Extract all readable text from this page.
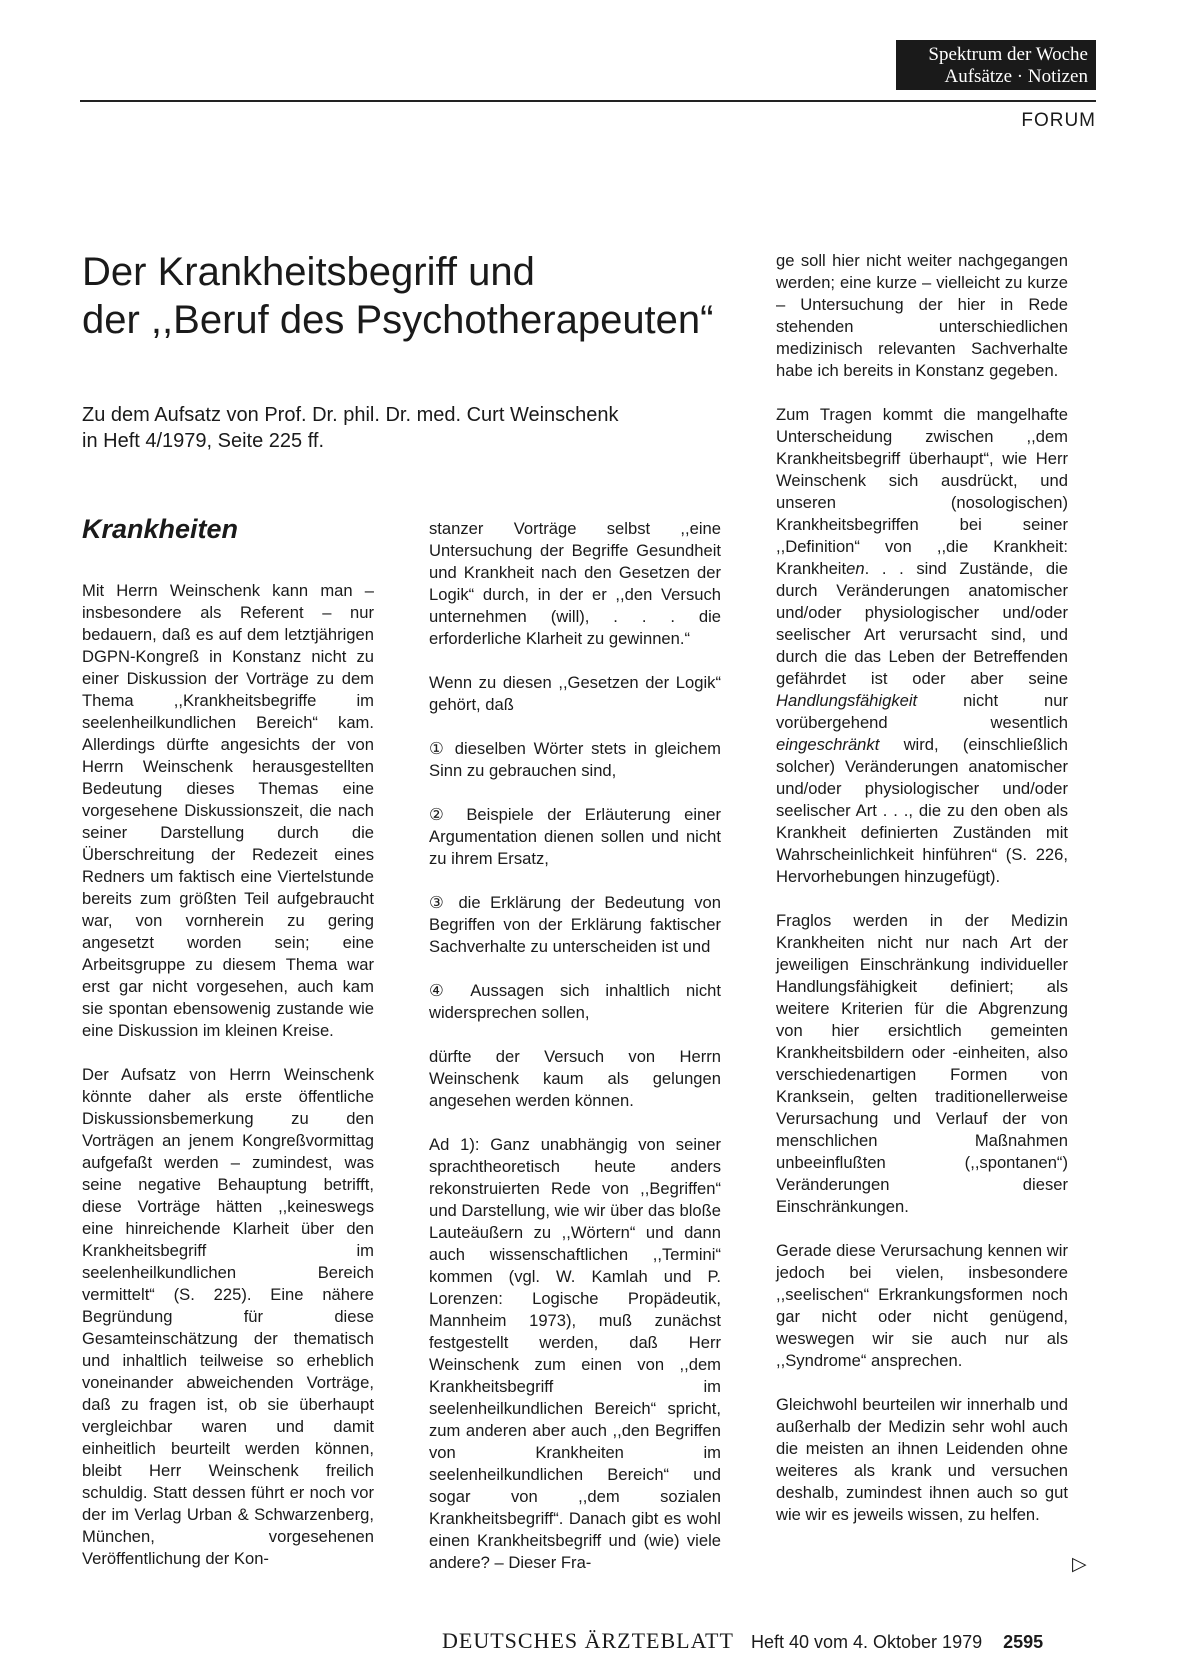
Spektrum der Woche
Aufsätze · Notizen
FORUM
Der Krankheitsbegriff und
der ,,Beruf des Psychotherapeuten“
Zu dem Aufsatz von Prof. Dr. phil. Dr. med. Curt Weinschenk
in Heft 4/1979, Seite 225 ff.
Krankheiten

Mit Herrn Weinschenk kann man – insbesondere als Referent – nur bedauern, daß es auf dem letztjährigen DGPN-Kongreß in Konstanz nicht zu einer Diskussion der Vorträge zu dem Thema ,,Krankheitsbegriffe im seelenheilkundlichen Bereich“ kam. Allerdings dürfte angesichts der von Herrn Weinschenk herausgestellten Bedeutung dieses Themas eine vorgesehene Diskussionszeit, die nach seiner Darstellung durch die Überschreitung der Redezeit eines Redners um faktisch eine Viertelstunde bereits zum größten Teil aufgebraucht war, von vornherein zu gering angesetzt worden sein; eine Arbeitsgruppe zu diesem Thema war erst gar nicht vorgesehen, auch kam sie spontan ebensowenig zustande wie eine Diskussion im kleinen Kreise.

Der Aufsatz von Herrn Weinschenk könnte daher als erste öffentliche Diskussionsbemerkung zu den Vorträgen an jenem Kongreßvormittag aufgefaßt werden – zumindest, was seine negative Behauptung betrifft, diese Vorträge hätten ,,keineswegs eine hinreichende Klarheit über den Krankheitsbegriff im seelenheilkundlichen Bereich vermittelt“ (S. 225). Eine nähere Begründung für diese Gesamteinschätzung der thematisch und inhaltlich teilweise so erheblich voneinander abweichenden Vorträge, daß zu fragen ist, ob sie überhaupt vergleichbar waren und damit einheitlich beurteilt werden können, bleibt Herr Weinschenk freilich schuldig. Statt dessen führt er noch vor der im Verlag Urban & Schwarzenberg, München, vorgesehenen Veröffentlichung der Kon-

stanzer Vorträge selbst ,,eine Untersuchung der Begriffe Gesundheit und Krankheit nach den Gesetzen der Logik“ durch, in der er ,,den Versuch unternehmen (will), . . . die erforderliche Klarheit zu gewinnen.“

Wenn zu diesen ,,Gesetzen der Logik“ gehört, daß

① dieselben Wörter stets in gleichem Sinn zu gebrauchen sind,

② Beispiele der Erläuterung einer Argumentation dienen sollen und nicht zu ihrem Ersatz,

③ die Erklärung der Bedeutung von Begriffen von der Erklärung faktischer Sachverhalte zu unterscheiden ist und

④ Aussagen sich inhaltlich nicht widersprechen sollen,

dürfte der Versuch von Herrn Weinschenk kaum als gelungen angesehen werden können.

Ad 1): Ganz unabhängig von seiner sprachtheoretisch heute anders rekonstruierten Rede von ,,Begriffen“ und Darstellung, wie wir über das bloße Lauteäußern zu ,,Wörtern“ und dann auch wissenschaftlichen ,,Termini“ kommen (vgl. W. Kamlah und P. Lorenzen: Logische Propädeutik, Mannheim 1973), muß zunächst festgestellt werden, daß Herr Weinschenk zum einen von ,,dem Krankheitsbegriff im seelenheilkundlichen Bereich“ spricht, zum anderen aber auch ,,den Begriffen von Krankheiten im seelenheilkundlichen Bereich“ und sogar von ,,dem sozialen Krankheitsbegriff“. Danach gibt es wohl einen Krankheitsbegriff und (wie) viele andere? – Dieser Fra-

ge soll hier nicht weiter nachgegangen werden; eine kurze – vielleicht zu kurze – Untersuchung der hier in Rede stehenden unterschiedlichen medizinisch relevanten Sachverhalte habe ich bereits in Konstanz gegeben.

Zum Tragen kommt die mangelhafte Unterscheidung zwischen ,,dem Krankheitsbegriff überhaupt“, wie Herr Weinschenk sich ausdrückt, und unseren (nosologischen) Krankheitsbegriffen bei seiner ,,Definition“ von ,,die Krankheit: Krankheiten. . . sind Zustände, die durch Veränderungen anatomischer und/oder physiologischer und/oder seelischer Art verursacht sind, und durch die das Leben der Betreffenden gefährdet ist oder aber seine Handlungsfähigkeit	nicht nur vorübergehend wesentlich eingeschränkt wird, (einschließlich solcher) Veränderungen anatomischer und/oder physiologischer und/oder seelischer Art . . ., die zu den oben als Krankheit definierten Zuständen mit Wahrscheinlichkeit hinführen“ (S. 226, Hervorhebungen hinzugefügt).

Fraglos werden in der Medizin Krankheiten nicht nur nach Art der jeweiligen Einschränkung individueller Handlungsfähigkeit definiert; als weitere Kriterien für die Abgrenzung von hier ersichtlich gemeinten Krankheitsbildern oder -einheiten, also verschiedenartigen Formen von Kranksein, gelten traditionellerweise Verursachung und Verlauf der von menschlichen Maßnahmen unbeeinflußten (,,spontanen“) Veränderungen dieser Einschränkungen.

Gerade diese Verursachung kennen wir jedoch bei vielen, insbesondere ,,seelischen“ Erkrankungsformen noch gar nicht oder nicht genügend, weswegen wir sie auch nur als ,,Syndrome“ ansprechen.

Gleichwohl beurteilen wir innerhalb und außerhalb der Medizin sehr wohl auch die meisten an ihnen Leidenden ohne weiteres als krank und versuchen deshalb, zumindest ihnen auch so gut wie wir es jeweils wissen, zu helfen.

▷
DEUTSCHES ÄRZTEBLATT Heft 40 vom 4. Oktober 1979 2595
